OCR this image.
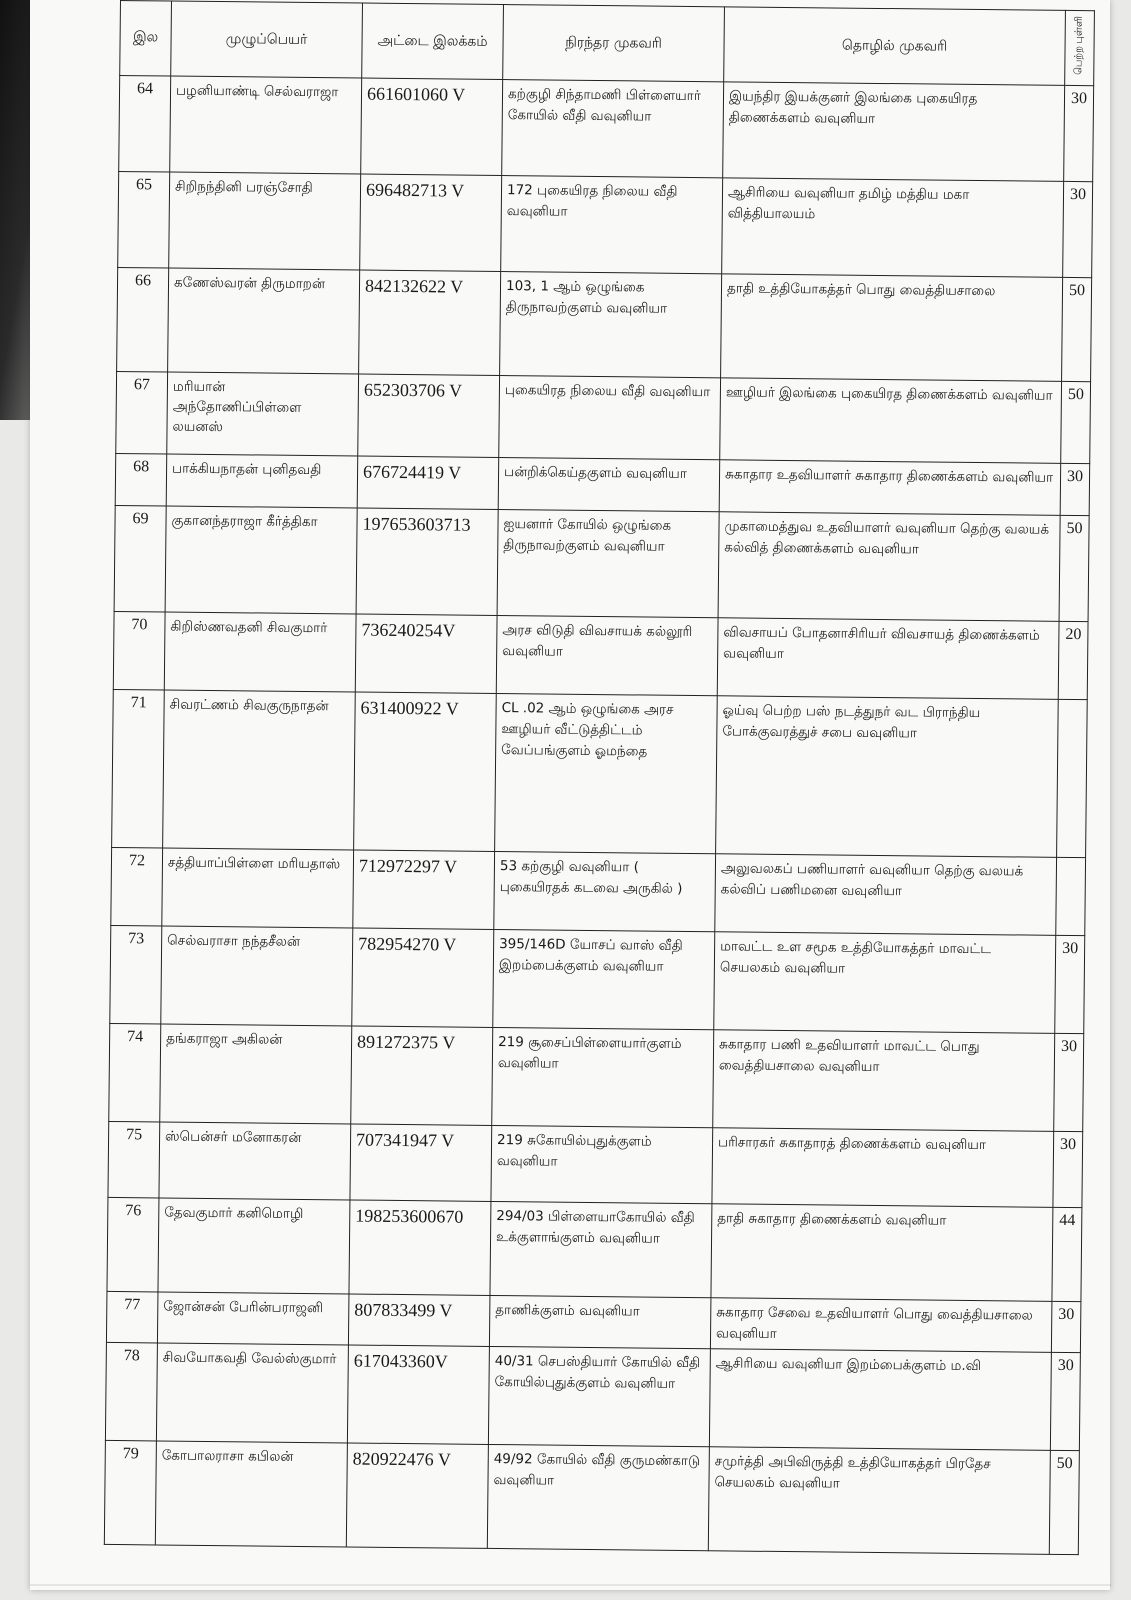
இல	முழுப்பெயர்	அட்டை இலக்கம்	நிரந்தர முகவரி	தொழில் முகவரி	பெற்ற புள்ளி
64	பழனியாண்டி செல்வராஜா	661601060 V	கற்குழி சிந்தாமணி பிள்ளையார் கோயில் வீதி வவுனியா	இயந்திர இயக்குனர் இலங்கை புகையிரத திணைக்களம் வவுனியா	30
65	சிறிநந்தினி பரஞ்சோதி	696482713 V	172 புகையிரத நிலைய வீதி வவுனியா	ஆசிரியை வவுனியா தமிழ் மத்திய மகா வித்தியாலயம்	30
66	கணேஸ்வரன் திருமாறன்	842132622 V	103, 1 ஆம் ஒழுங்கை திருநாவற்குளம் வவுனியா	தாதி உத்தியோகத்தர் பொது வைத்தியசாலை	50
67	மரியான் அந்தோணிப்பிள்ளை லயனஸ்	652303706 V	புகையிரத நிலைய வீதி வவுனியா	ஊழியர் இலங்கை புகையிரத திணைக்களம் வவுனியா	50
68	பாக்கியநாதன் புனிதவதி	676724419 V	பன்றிக்கெய்தகுளம் வவுனியா	சுகாதார உதவியாளர் சுகாதார திணைக்களம் வவுனியா	30
69	குகானந்தராஜா கீர்த்திகா	197653603713	ஐயனார் கோயில் ஒழுங்கை திருநாவற்குளம் வவுனியா	முகாமைத்துவ உதவியாளர் வவுனியா தெற்கு வலயக் கல்வித் திணைக்களம் வவுனியா	50
70	கிறிஸ்ணவதனி சிவகுமார்	736240254V	அரச விடுதி விவசாயக் கல்லூரி வவுனியா	விவசாயப் போதனாசிரியர் விவசாயத் திணைக்களம் வவுனியா	20
71	சிவரட்ணம் சிவகுருநாதன்	631400922 V	CL .02 ஆம் ஒழுங்கை அரச ஊழியர் வீட்டுத்திட்டம் வேப்பங்குளம் ஓமந்தை	ஓய்வு பெற்ற பஸ் நடத்துநர் வட பிராந்திய போக்குவரத்துச் சபை வவுனியா	
72	சத்தியாப்பிள்ளை மரியதாஸ்	712972297 V	53 கற்குழி வவுனியா ( புகையிரதக் கடவை அருகில் )	அலுவலகப் பணியாளர் வவுனியா தெற்கு வலயக் கல்விப் பணிமனை வவுனியா	
73	செல்வராசா நந்தசீலன்	782954270 V	395/146D யோசப் வாஸ் வீதி இறம்பைக்குளம் வவுனியா	மாவட்ட உள சமூக உத்தியோகத்தர் மாவட்ட செயலகம் வவுனியா	30
74	தங்கராஜா அகிலன்	891272375 V	219 சூசைப்பிள்ளையார்குளம் வவுனியா	சுகாதார பணி உதவியாளர் மாவட்ட பொது வைத்தியசாலை வவுனியா	30
75	ஸ்பென்சர் மனோகரன்	707341947 V	219 சுகோயில்புதுக்குளம் வவுனியா	பரிசாரகர் சுகாதாரத் திணைக்களம் வவுனியா	30
76	தேவகுமார் கனிமொழி	198253600670	294/03 பிள்ளையாகோயில் வீதி உக்குளாங்குளம் வவுனியா	தாதி சுகாதார திணைக்களம் வவுனியா	44
77	ஜோன்சன் பேரின்பராஜனி	807833499 V	தாணிக்குளம் வவுனியா	சுகாதார சேவை உதவியாளர் பொது வைத்தியசாலை வவுனியா	30
78	சிவயோகவதி வேல்ஸ்குமார்	617043360V	40/31 செபஸ்தியார் கோயில் வீதி கோயில்புதுக்குளம் வவுனியா	ஆசிரியை வவுனியா இறம்பைக்குளம் ம.வி	30
79	கோபாலராசா கபிலன்	820922476 V	49/92 கோயில் வீதி குருமண்காடு வவுனியா	சமுர்த்தி அபிவிருத்தி உத்தியோகத்தர் பிரதேச செயலகம் வவுனியா	50
